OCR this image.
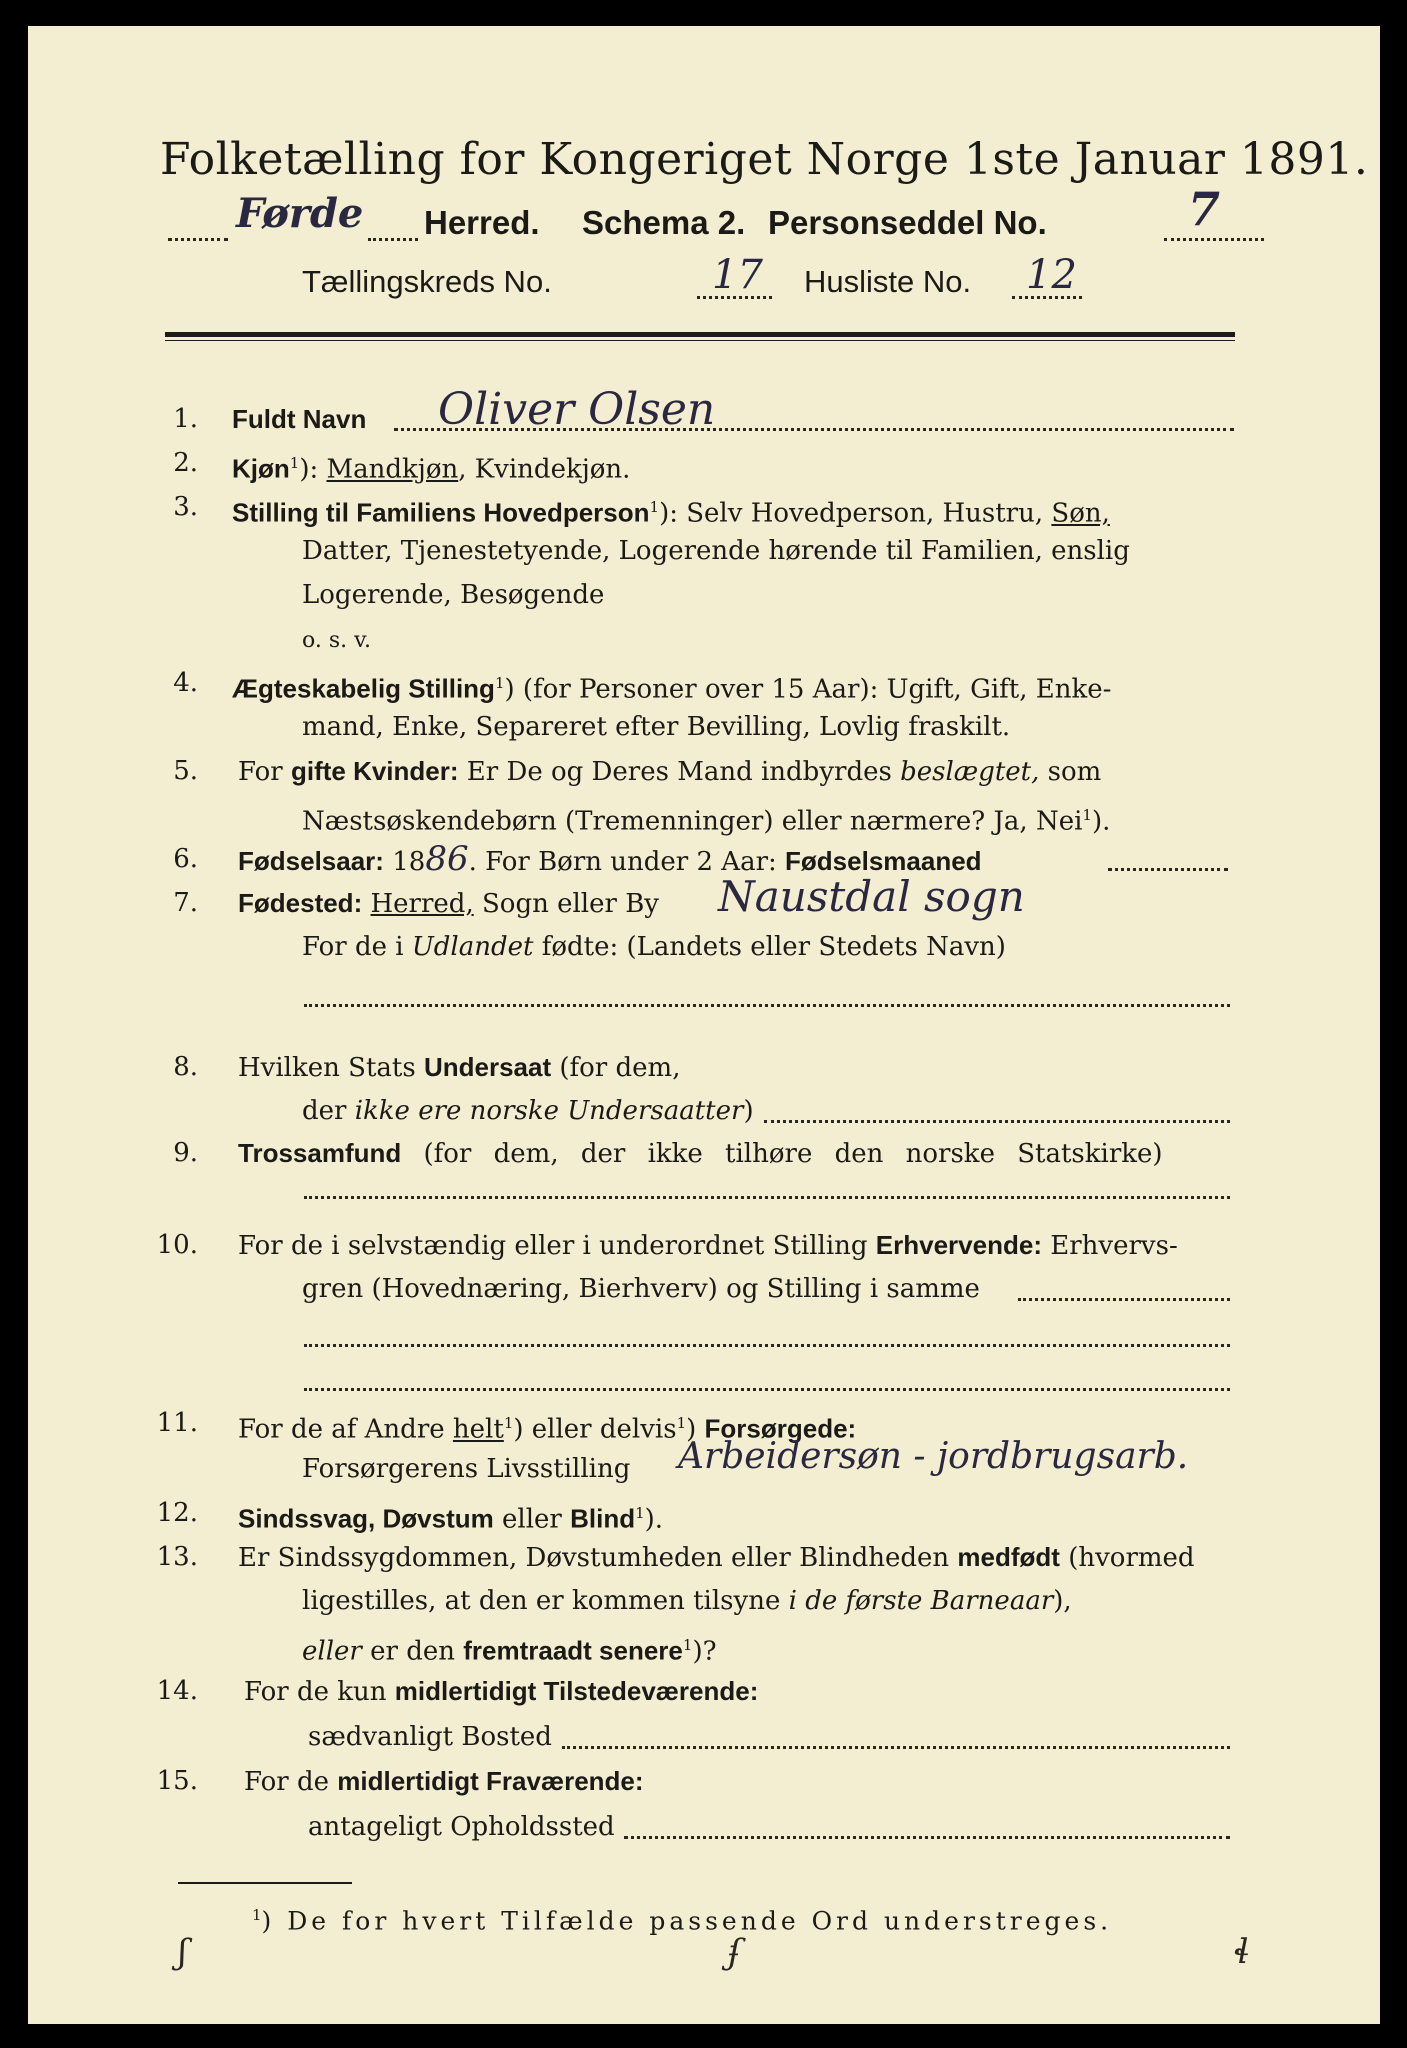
Folketælling for Kongeriget Norge 1ste Januar 1891.
Førde Herred. Schema 2. Personseddel No.	7
Tællingskreds No.	17 Husliste No. 12
1. Fuldt Navn Oliver Olsen
2. Kjøn$^1$): Mandkjøn, Kvindekjøn.
3. Stilling til Familiens Hovedperson$^1$): Selv Hovedperson, Hustru, Søn,
Datter, Tjenestetyende, Logerende hørende til Familien, enslig
Logerende, Besøgende
o. s. v.
4. Ægteskabelig Stilling$^1$) (for Personer over 15 Aar): Ugift, Gift, Enke-
mand, Enke, Separeret efter Bevilling, Lovlig fraskilt.
5. For gifte Kvinder: Er De og Deres Mand indbyrdes beslægtet, som
Næstsøskendebørn (Tremenninger) eller nærmere? Ja, Nei$^1$).
6. Fødselsaar: 1886. For Børn under 2 Aar: Fødselsmaaned
7. Fødested: Herred, Sogn eller By Naustdal sogn
For de i Udlandet fødte: (Landets eller Stedets Navn)
8. Hvilken Stats Undersaat (for dem,
der ikke ere norske Undersaatter)
9. Trossamfund (for dem, der ikke tilhøre den norske Statskirke)
10. For de i selvstændig eller i underordnet Stilling Erhvervende: Erhvervs-
gren (Hovednæring, Bierhverv) og Stilling i samme
11. For de af Andre helt$^1$) eller delvis$^1$) Forsørgede:
Forsørgerens Livsstilling Arbeidersøn - jordbrugsarb.
12. Sindssvag, Døvstum eller Blind$^1$).
13. Er Sindssygdommen, Døvstumheden eller Blindheden medfødt (hvormed
ligestilles, at den er kommen tilsyne i de første Barneaar),
eller er den fremtraadt senere$^1$)?
14. For de kun midlertidigt Tilstedeværende:
sædvanligt Bosted
15. For de midlertidigt Fraværende:
antageligt Opholdssted
$^1$) De for hvert Tilfælde passende Ord understreges.
ʃ	ʄ	ɬ
